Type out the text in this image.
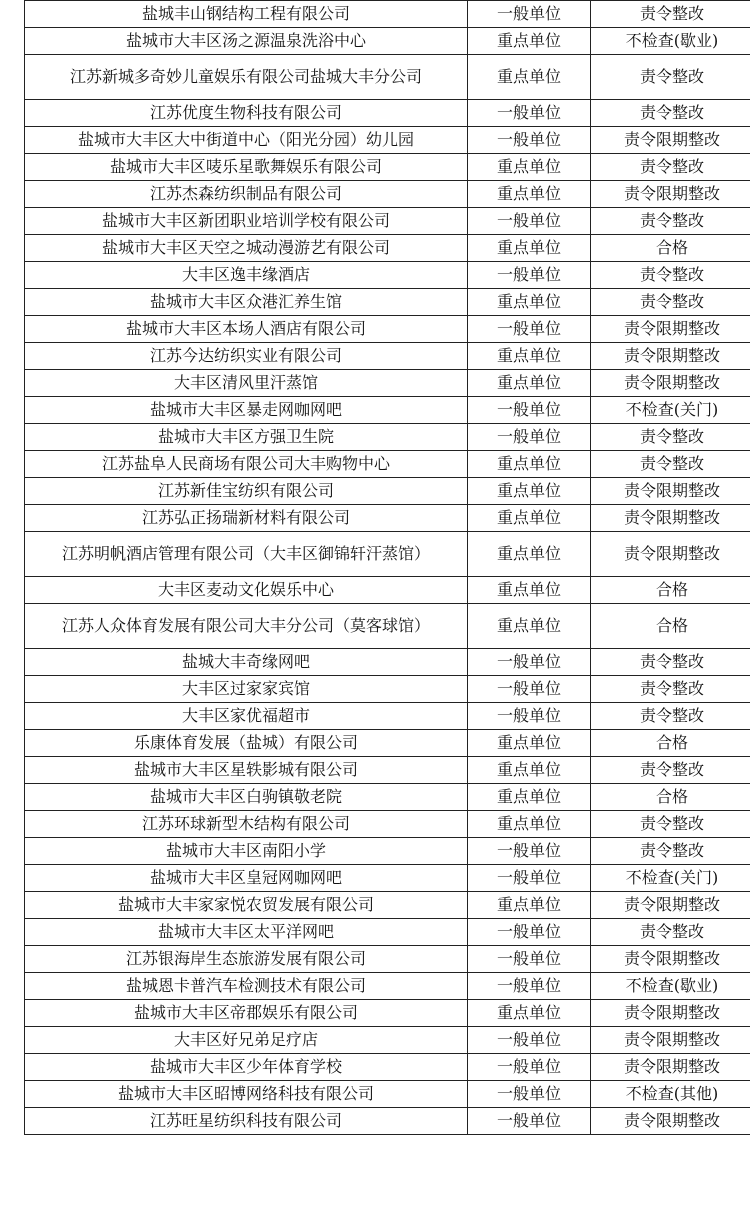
盐城丰山钢结构工程有限公司	一般单位	责令整改
盐城市大丰区汤之源温泉洗浴中心	重点单位	不检查(歇业)
江苏新城多奇妙儿童娱乐有限公司盐城大丰分公司	重点单位	责令整改
江苏优度生物科技有限公司	一般单位	责令整改
盐城市大丰区大中街道中心（阳光分园）幼儿园	一般单位	责令限期整改
盐城市大丰区唛乐星歌舞娱乐有限公司	重点单位	责令整改
江苏杰森纺织制品有限公司	重点单位	责令限期整改
盐城市大丰区新团职业培训学校有限公司	一般单位	责令整改
盐城市大丰区天空之城动漫游艺有限公司	重点单位	合格
大丰区逸丰缘酒店	一般单位	责令整改
盐城市大丰区众港汇养生馆	重点单位	责令整改
盐城市大丰区本场人酒店有限公司	一般单位	责令限期整改
江苏今达纺织实业有限公司	重点单位	责令限期整改
大丰区清风里汗蒸馆	重点单位	责令限期整改
盐城市大丰区暴走网咖网吧	一般单位	不检查(关门)
盐城市大丰区方强卫生院	一般单位	责令整改
江苏盐阜人民商场有限公司大丰购物中心	重点单位	责令整改
江苏新佳宝纺织有限公司	重点单位	责令限期整改
江苏弘正扬瑞新材料有限公司	重点单位	责令限期整改
江苏明帆酒店管理有限公司（大丰区御锦轩汗蒸馆）	重点单位	责令限期整改
大丰区麦动文化娱乐中心	重点单位	合格
江苏人众体育发展有限公司大丰分公司（莫客球馆）	重点单位	合格
盐城大丰奇缘网吧	一般单位	责令整改
大丰区过家家宾馆	一般单位	责令整改
大丰区家优福超市	一般单位	责令整改
乐康体育发展（盐城）有限公司	重点单位	合格
盐城市大丰区星轶影城有限公司	重点单位	责令整改
盐城市大丰区白驹镇敬老院	重点单位	合格
江苏环球新型木结构有限公司	重点单位	责令整改
盐城市大丰区南阳小学	一般单位	责令整改
盐城市大丰区皇冠网咖网吧	一般单位	不检查(关门)
盐城市大丰家家悦农贸发展有限公司	重点单位	责令限期整改
盐城市大丰区太平洋网吧	一般单位	责令整改
江苏银海岸生态旅游发展有限公司	一般单位	责令限期整改
盐城恩卡普汽车检测技术有限公司	一般单位	不检查(歇业)
盐城市大丰区帝郡娱乐有限公司	重点单位	责令限期整改
大丰区好兄弟足疗店	一般单位	责令限期整改
盐城市大丰区少年体育学校	一般单位	责令限期整改
盐城市大丰区昭博网络科技有限公司	一般单位	不检查(其他)
江苏旺星纺织科技有限公司	一般单位	责令限期整改
